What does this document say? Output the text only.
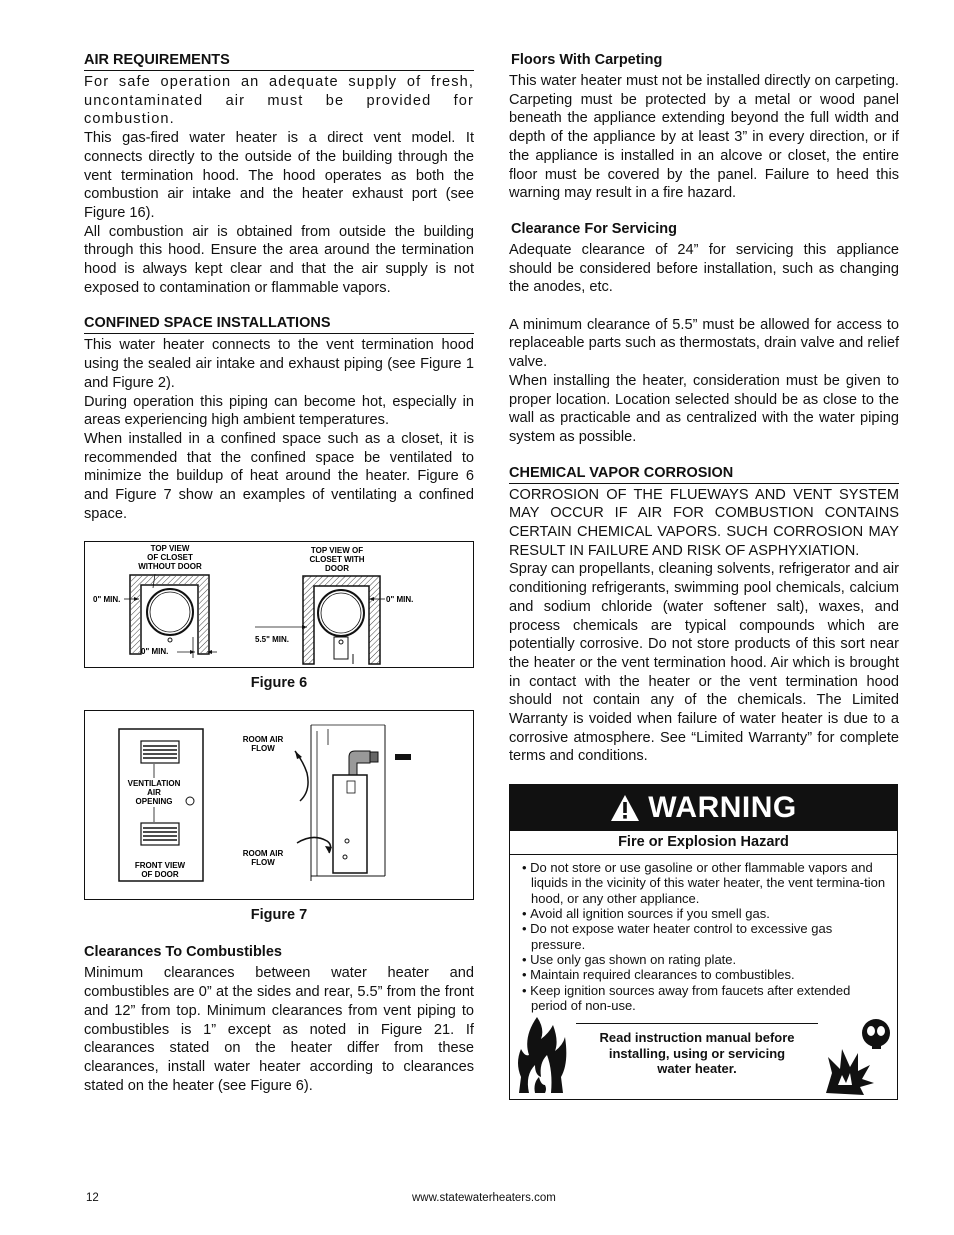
AIR REQUIREMENTS

For safe operation an adequate supply of fresh, uncontaminated air must be provided for combustion.

This gas-fired water heater is a direct vent model. It connects directly to the outside of the building through the vent termination hood. The hood operates as both the combustion air intake and the heater exhaust port (see Figure 16).

All combustion air is obtained from outside the building through this hood. Ensure the area around the termination hood is always kept clear and that the air supply is not exposed to contamination or flammable vapors.

CONFINED SPACE INSTALLATIONS

This water heater connects to the vent termination hood using the sealed air intake and exhaust piping (see Figure 1 and Figure 2).

During operation this piping can become hot, especially in areas experiencing high ambient temperatures.

When installed in a confined space such as a closet, it is recommended that the confined space be ventilated to minimize the buildup of heat around the heater. Figure 6 and Figure 7 show an examples of ventilating a confined space.

TOP VIEW
OF CLOSET
WITHOUT DOOR
0" MIN.
0" MIN.
TOP VIEW OF
CLOSET WITH
DOOR
5.5" MIN.
0" MIN.
Figure 6
VENTILATION
AIR
OPENING
FRONT VIEW
OF DOOR
ROOM AIR
FLOW
ROOM AIR
FLOW
Figure 7
Clearances To Combustibles

Minimum clearances between water heater and combustibles are 0” at the sides and rear, 5.5” from the front and 12” from top. Minimum clearances from vent piping to combustibles is 1” except as noted in Figure 21. If clearances stated on the heater differ from these clearances, install water heater according to clearances stated on the heater (see Figure 6).

Floors With Carpeting

This water heater must not be installed directly on carpeting. Carpeting must be protected by a metal or wood panel beneath the appliance extending beyond the full width and depth of the appliance by at least 3” in every direction, or if the appliance is installed in an alcove or closet, the entire floor must be covered by the panel. Failure to heed this warning may result in a fire hazard.

Clearance For Servicing

Adequate clearance of 24” for servicing this appliance should be considered before installation, such as changing the anodes, etc.

A minimum clearance of 5.5” must be allowed for access to replaceable parts such as thermostats, drain valve and relief valve.

When installing the heater, consideration must be given to proper location. Location selected should be as close to the wall as practicable and as centralized with the water piping system as possible.

CHEMICAL VAPOR CORROSION

CORROSION OF THE FLUEWAYS AND VENT SYSTEM MAY OCCUR IF AIR FOR COMBUSTION CONTAINS CERTAIN CHEMICAL VAPORS. SUCH CORROSION MAY RESULT IN FAILURE AND RISK OF ASPHYXIATION.

Spray can propellants, cleaning solvents, refrigerator and air conditioning refrigerants, swimming pool chemicals, calcium and sodium chloride (water softener salt), waxes, and process chemicals are typical compounds which are potentially corrosive. Do not store products of this sort near the heater or the vent termination hood. Air which is brought in contact with the heater or the vent termination hood should not contain any of the chemicals. The Limited Warranty is voided when failure of water heater is due to a corrosive atmosphere. See “Limited Warranty” for complete terms and conditions.

WARNING
Fire or Explosion Hazard
• Do not store or use gasoline or other flammable vapors and liquids in the vicinity of this water heater, the vent termina-tion hood, or any other appliance.
• Avoid all ignition sources if you smell gas.
• Do not expose water heater control to excessive gas pressure.
• Use only gas shown on rating plate.
• Maintain required clearances to combustibles.
• Keep ignition sources away from faucets after extended period of non-use.
Read instruction manual before
installing, using or servicing
water heater.
12	www.statewaterheaters.com
